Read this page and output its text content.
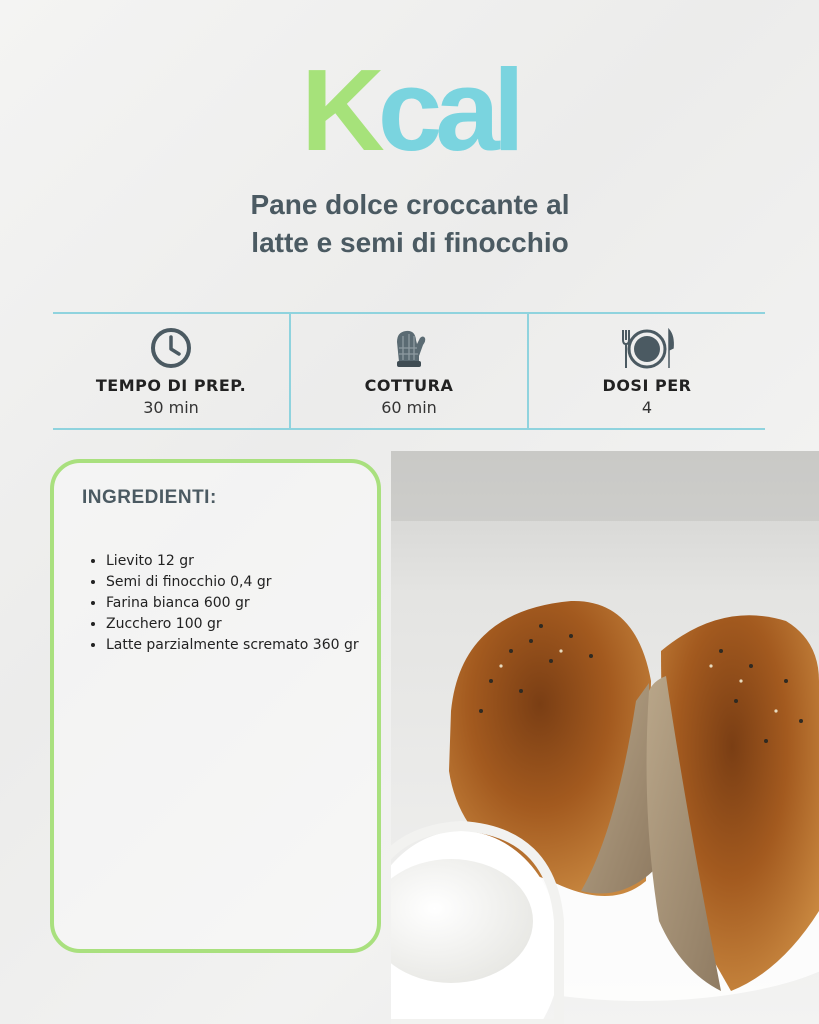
Kcal
Pane dolce croccante al
latte e semi di finocchio
TEMPO DI PREP.
30 min
COTTURA
60 min
DOSI PER
4
INGREDIENTI:
• Lievito 12 gr
• Semi di finocchio 0,4 gr
• Farina bianca 600 gr
• Zucchero 100 gr
• Latte parzialmente scremato 360 gr
